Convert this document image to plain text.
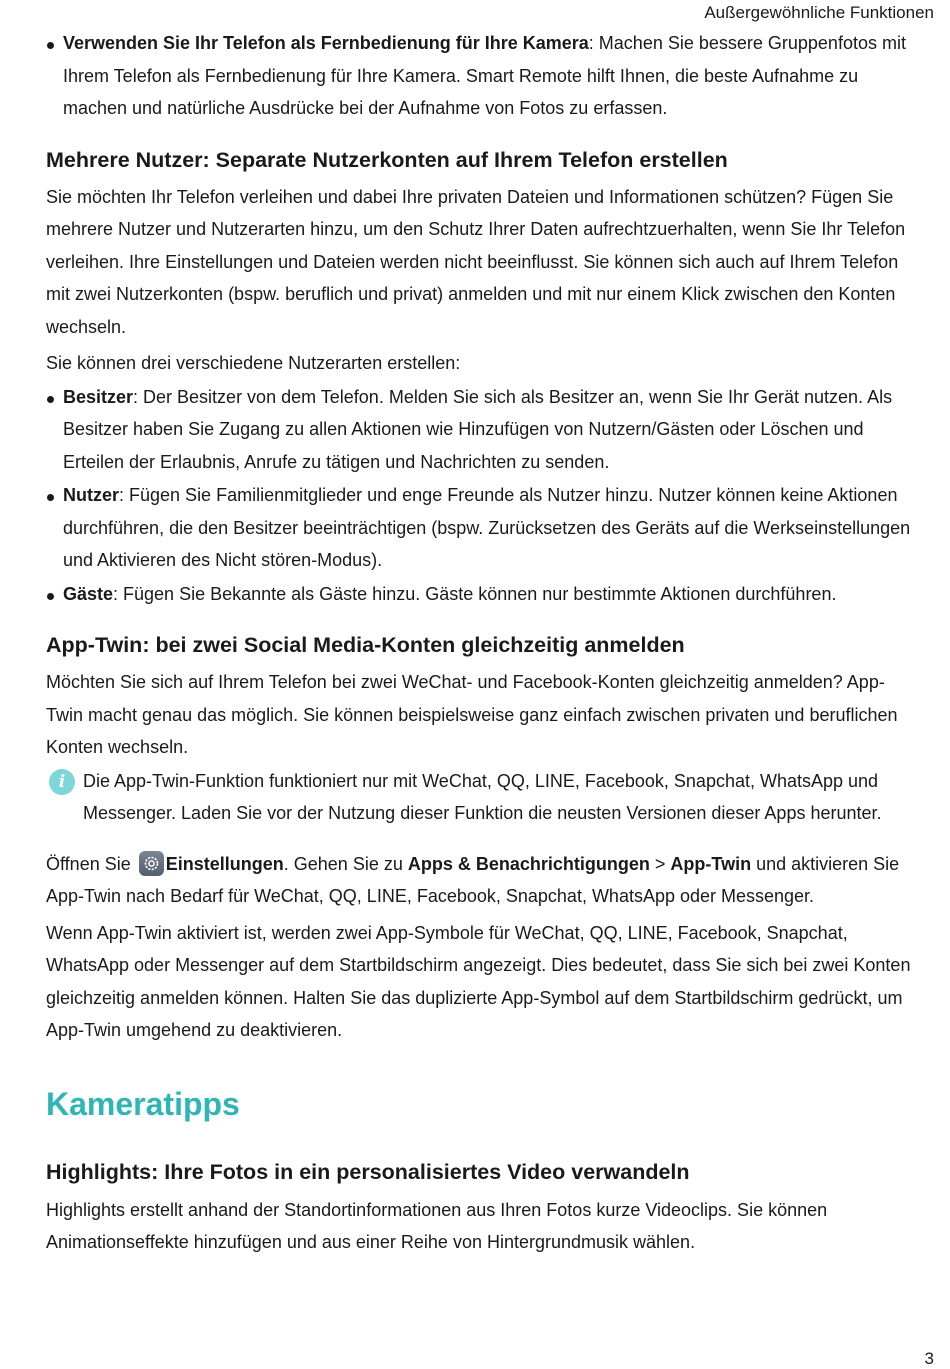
Außergewöhnliche Funktionen
Verwenden Sie Ihr Telefon als Fernbedienung für Ihre Kamera: Machen Sie bessere Gruppenfotos mit Ihrem Telefon als Fernbedienung für Ihre Kamera. Smart Remote hilft Ihnen, die beste Aufnahme zu machen und natürliche Ausdrücke bei der Aufnahme von Fotos zu erfassen.
Mehrere Nutzer: Separate Nutzerkonten auf Ihrem Telefon erstellen

Sie möchten Ihr Telefon verleihen und dabei Ihre privaten Dateien und Informationen schützen? Fügen Sie mehrere Nutzer und Nutzerarten hinzu, um den Schutz Ihrer Daten aufrechtzuerhalten, wenn Sie Ihr Telefon verleihen. Ihre Einstellungen und Dateien werden nicht beeinflusst. Sie können sich auch auf Ihrem Telefon mit zwei Nutzerkonten (bspw. beruflich und privat) anmelden und mit nur einem Klick zwischen den Konten wechseln.

Sie können drei verschiedene Nutzerarten erstellen:

Besitzer: Der Besitzer von dem Telefon. Melden Sie sich als Besitzer an, wenn Sie Ihr Gerät nutzen. Als Besitzer haben Sie Zugang zu allen Aktionen wie Hinzufügen von Nutzern/Gästen oder Löschen und Erteilen der Erlaubnis, Anrufe zu tätigen und Nachrichten zu senden.
Nutzer: Fügen Sie Familienmitglieder und enge Freunde als Nutzer hinzu. Nutzer können keine Aktionen durchführen, die den Besitzer beeinträchtigen (bspw. Zurücksetzen des Geräts auf die Werkseinstellungen und Aktivieren des Nicht stören-Modus).
Gäste: Fügen Sie Bekannte als Gäste hinzu. Gäste können nur bestimmte Aktionen durchführen.
App-Twin: bei zwei Social Media-Konten gleichzeitig anmelden

Möchten Sie sich auf Ihrem Telefon bei zwei WeChat- und Facebook-Konten gleichzeitig anmelden? App-Twin macht genau das möglich. Sie können beispielsweise ganz einfach zwischen privaten und beruflichen Konten wechseln.

i Die App-Twin-Funktion funktioniert nur mit WeChat, QQ, LINE, Facebook, Snapchat, WhatsApp und Messenger. Laden Sie vor der Nutzung dieser Funktion die neusten Versionen dieser Apps herunter.

Öffnen Sie Einstellungen. Gehen Sie zu Apps & Benachrichtigungen > App-Twin und aktivieren Sie App-Twin nach Bedarf für WeChat, QQ, LINE, Facebook, Snapchat, WhatsApp oder Messenger.

Wenn App-Twin aktiviert ist, werden zwei App-Symbole für WeChat, QQ, LINE, Facebook, Snapchat, WhatsApp oder Messenger auf dem Startbildschirm angezeigt. Dies bedeutet, dass Sie sich bei zwei Konten gleichzeitig anmelden können. Halten Sie das duplizierte App-Symbol auf dem Startbildschirm gedrückt, um App-Twin umgehend zu deaktivieren.

Kameratipps
Highlights: Ihre Fotos in ein personalisiertes Video verwandeln

Highlights erstellt anhand der Standortinformationen aus Ihren Fotos kurze Videoclips. Sie können Animationseffekte hinzufügen und aus einer Reihe von Hintergrundmusik wählen.

3
